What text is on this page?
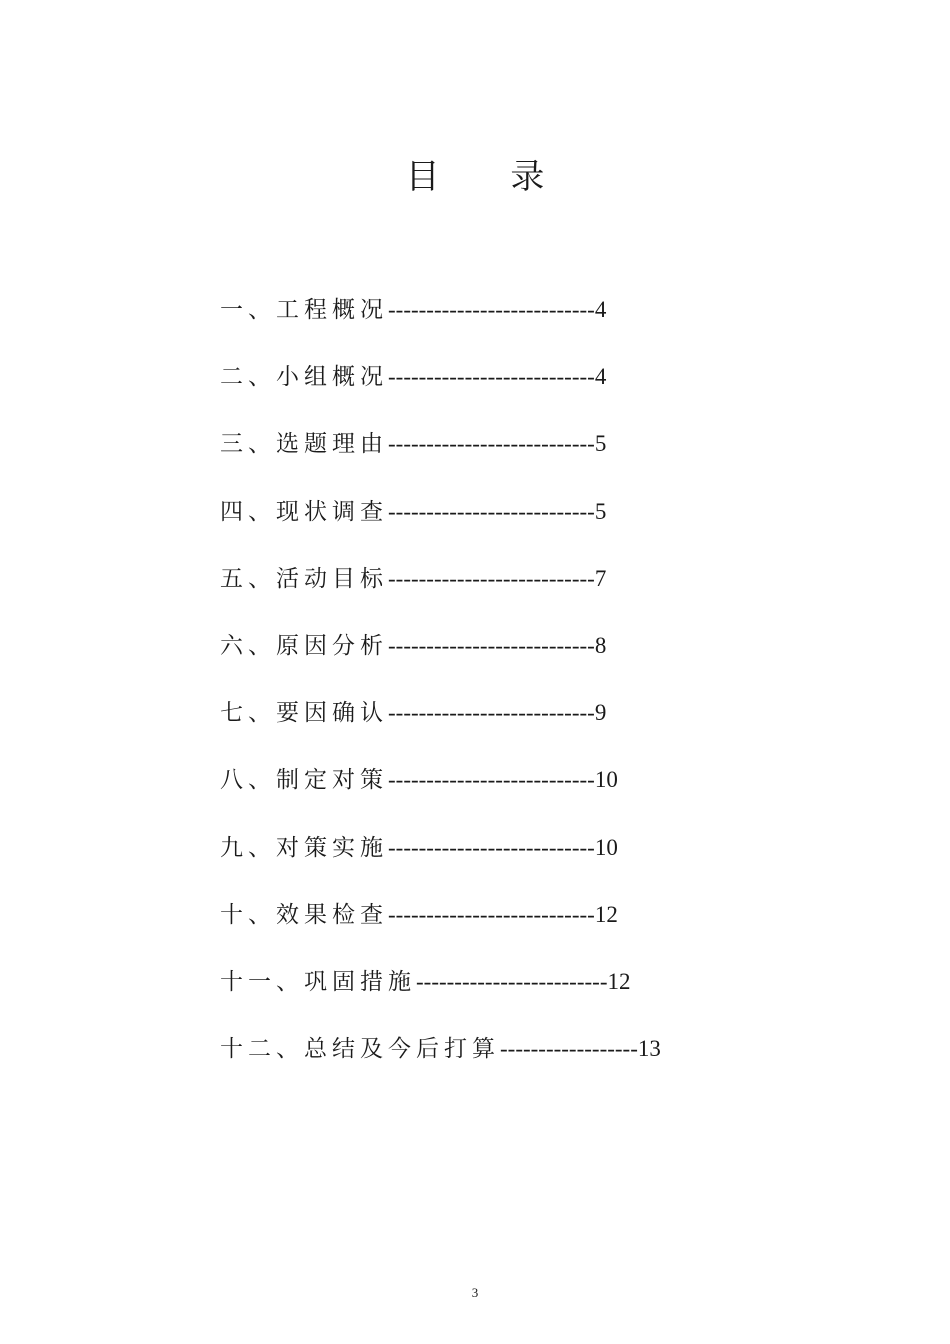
目 录
一、工程概况---------------------------4
二、小组概况---------------------------4
三、选题理由---------------------------5
四、现状调查---------------------------5
五、活动目标---------------------------7
六、原因分析---------------------------8
七、要因确认---------------------------9
八、制定对策---------------------------10
九、对策实施---------------------------10
十、效果检查---------------------------12
十一、巩固措施-------------------------12
十二、总结及今后打算------------------13
3
